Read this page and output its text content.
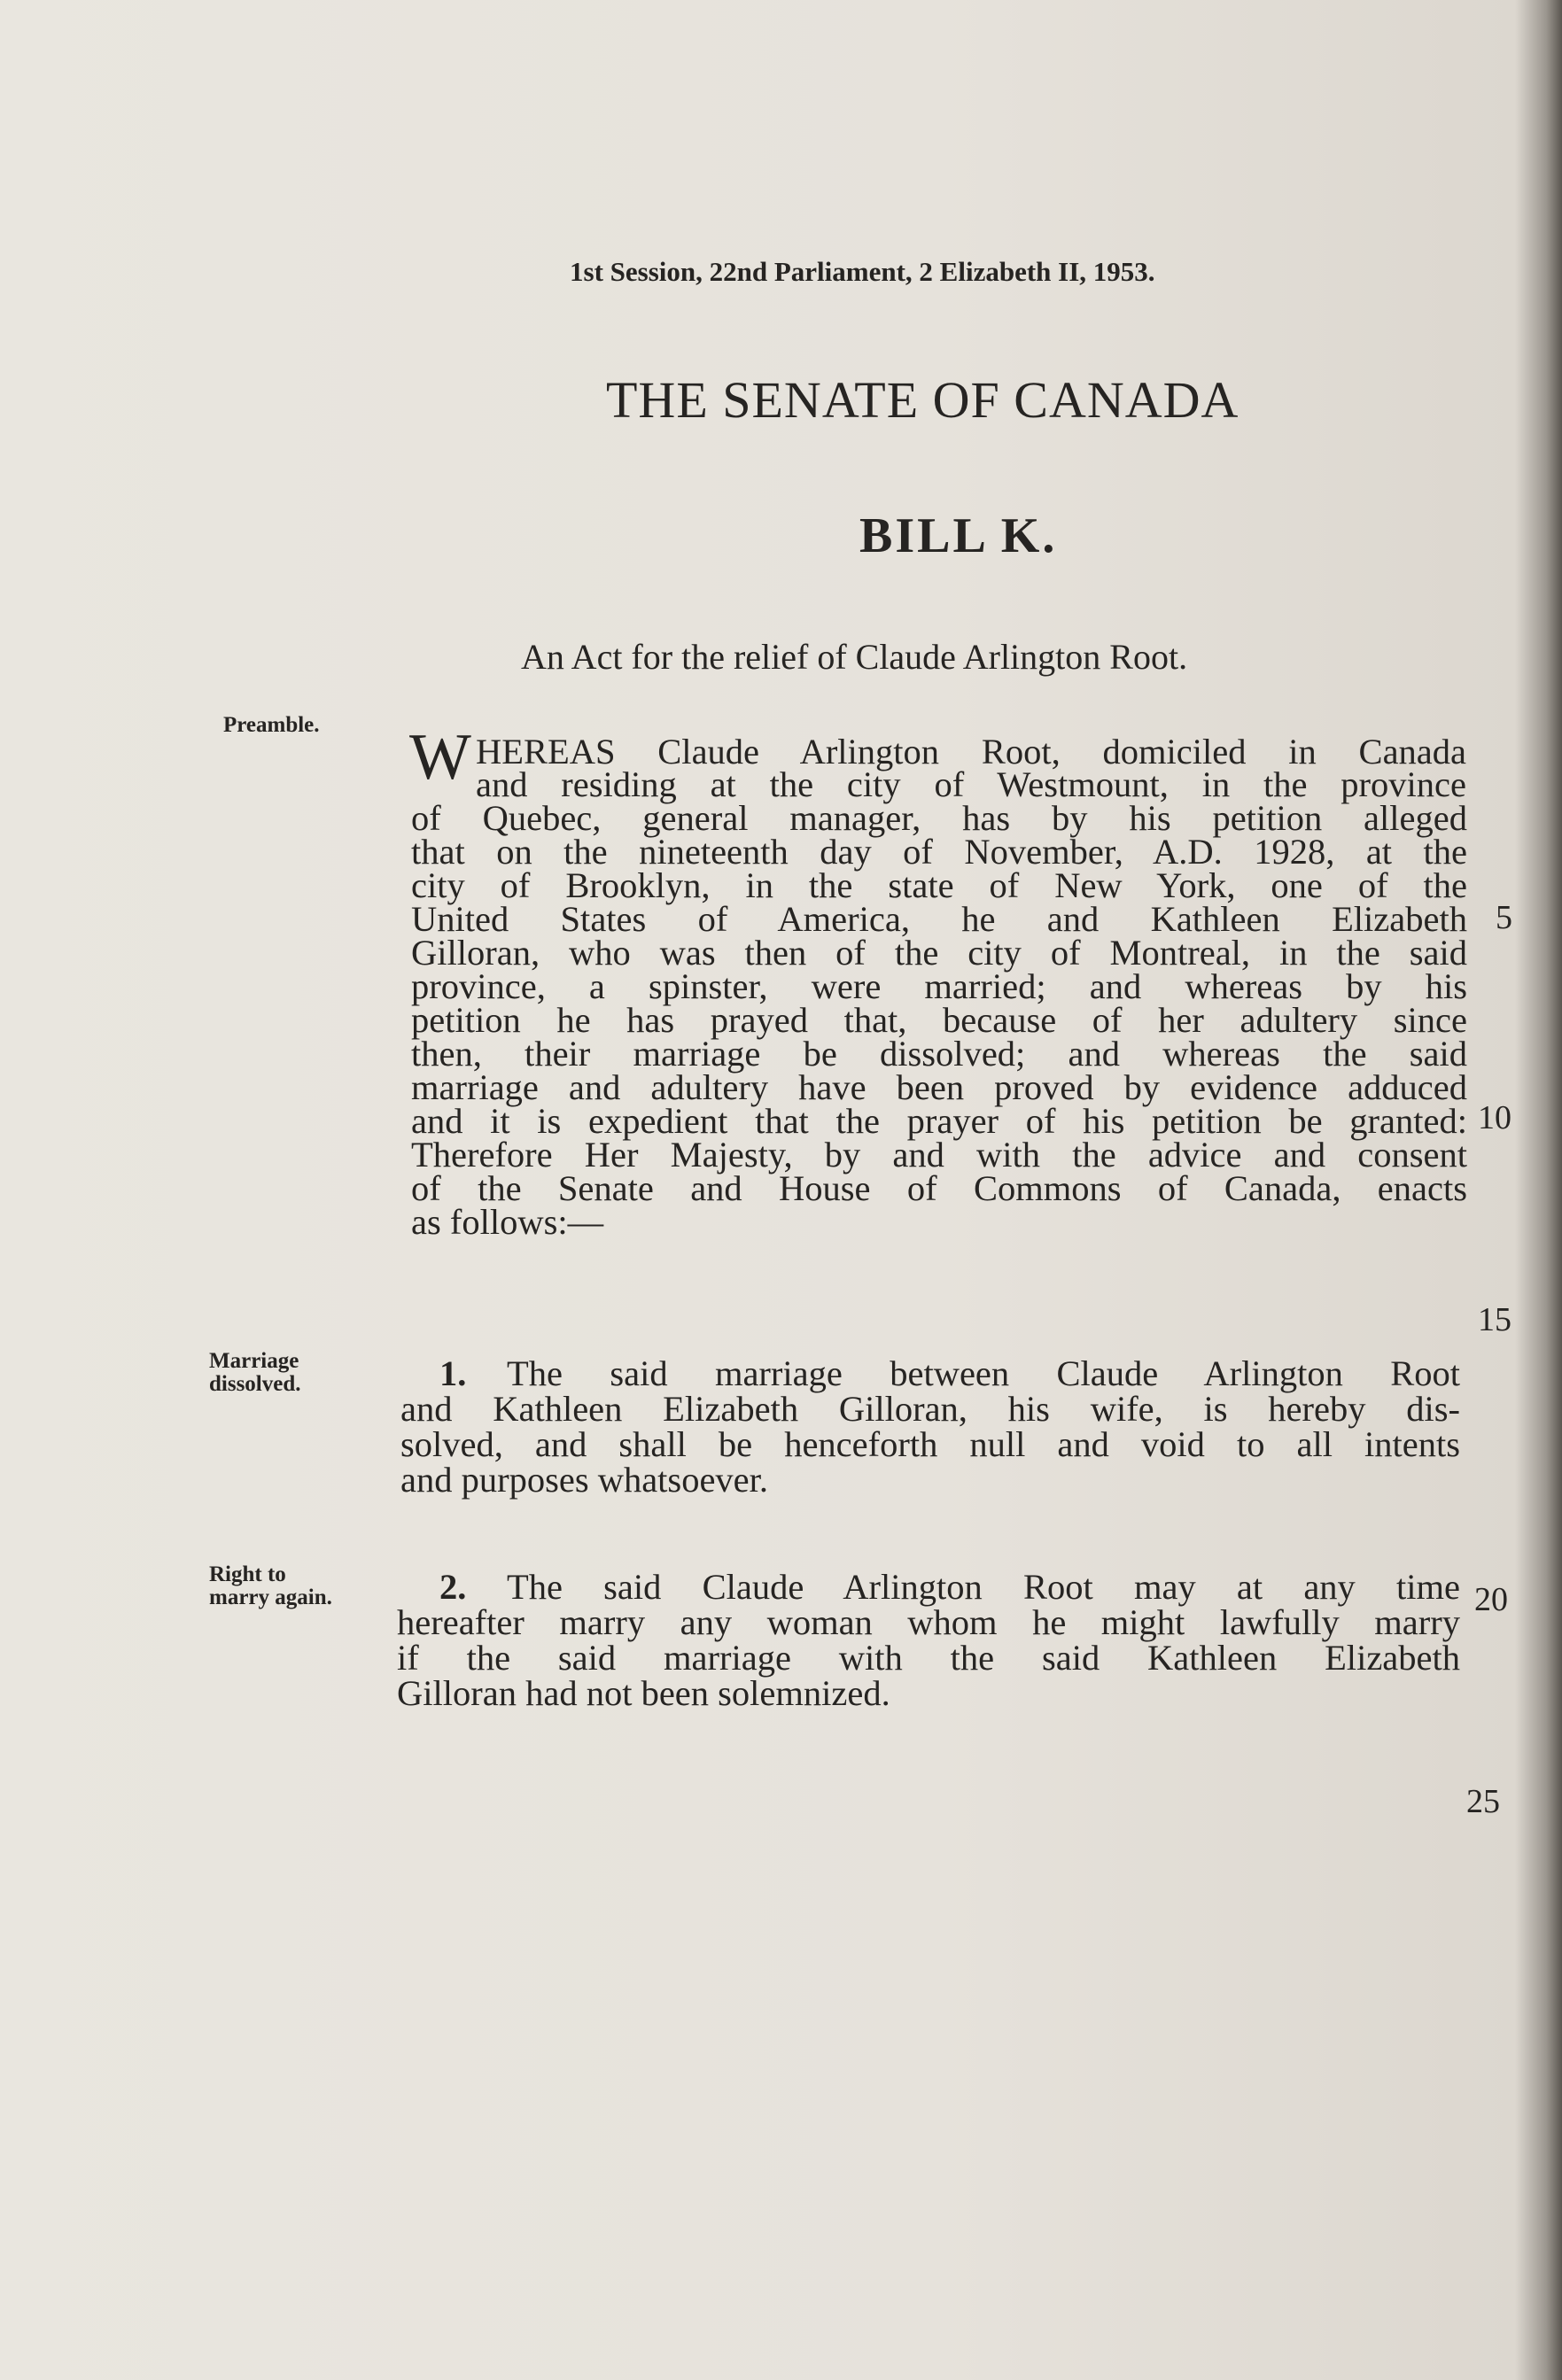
1st Session, 22nd Parliament, 2 Elizabeth II, 1953.
THE SENATE OF CANADA
BILL K.
An Act for the relief of Claude Arlington Root.
Preamble.
Marriage
dissolved.
Right to
marry again.
W HEREAS Claude Arlington Root, domiciled in Canada
and residing at the city of Westmount, in the province
of Quebec, general manager, has by his petition alleged
that on the nineteenth day of November, A.D. 1928, at the
city of Brooklyn, in the state of New York, one of the
United States of America, he and Kathleen Elizabeth
Gilloran, who was then of the city of Montreal, in the said
province, a spinster, were married; and whereas by his
petition he has prayed that, because of her adultery since
then, their marriage be dissolved; and whereas the said
marriage and adultery have been proved by evidence adduced
and it is expedient that the prayer of his petition be granted:
Therefore Her Majesty, by and with the advice and consent
of the Senate and House of Commons of Canada, enacts
as follows:—
1. The said marriage between Claude Arlington Root
and Kathleen Elizabeth Gilloran, his wife, is hereby dis-
solved, and shall be henceforth null and void to all intents
and purposes whatsoever.
2. The said Claude Arlington Root may at any time
hereafter marry any woman whom he might lawfully marry
if the said marriage with the said Kathleen Elizabeth
Gilloran had not been solemnized.
5
10
15
20
25
